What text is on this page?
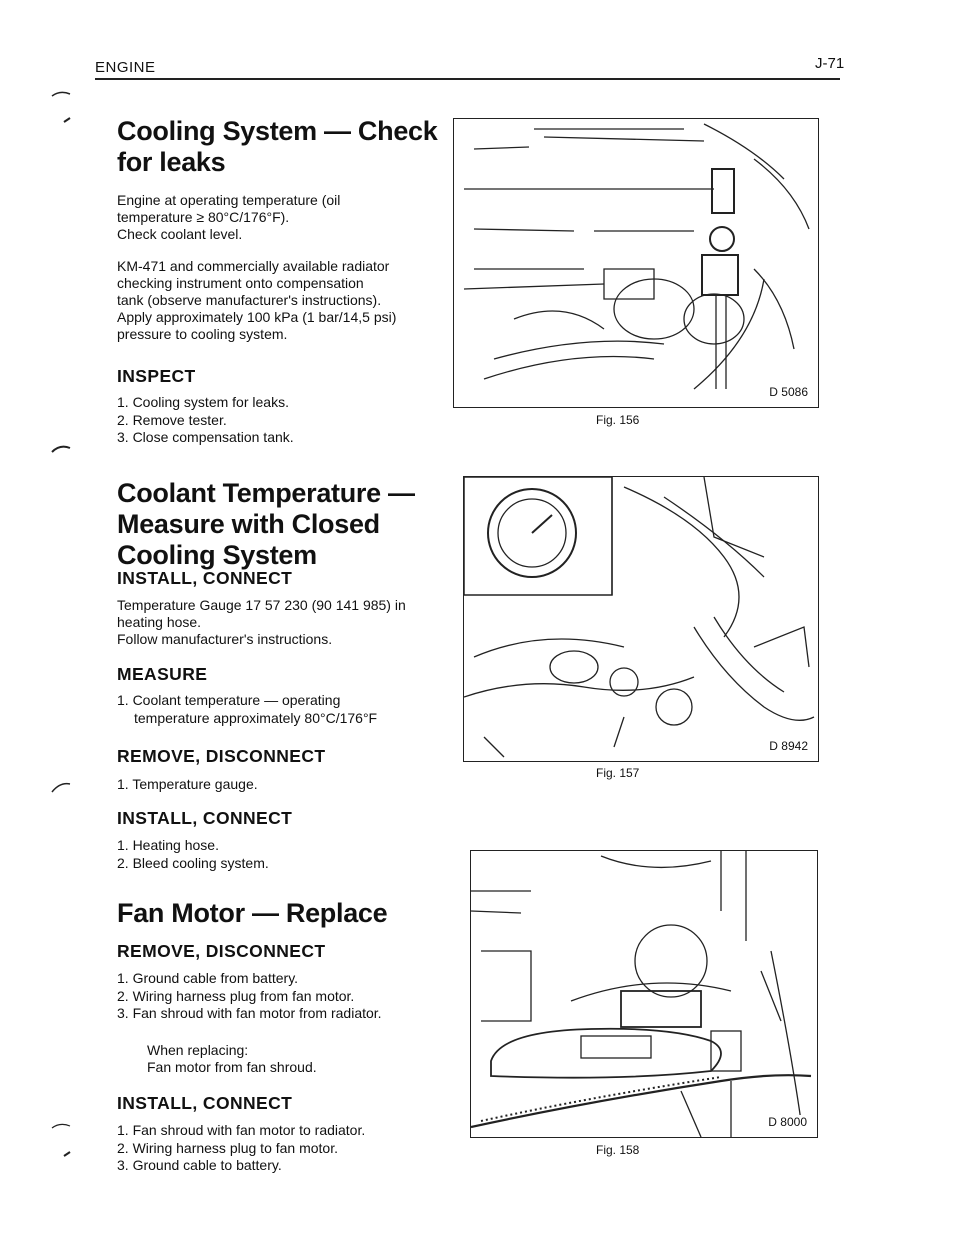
ENGINE	J-71
Cooling System — Check
for leaks
Engine at operating temperature (oil
temperature ≥ 80°C/176°F).
Check coolant level.
KM-471 and commercially available radiator
checking instrument onto compensation
tank (observe manufacturer's instructions).
Apply approximately 100 kPa (1 bar/14,5 psi)
pressure to cooling system.
INSPECT
1. Cooling system for leaks.
2. Remove tester.
3. Close compensation tank.
Coolant Temperature —
Measure with Closed
Cooling System
INSTALL, CONNECT
Temperature Gauge 17 57 230 (90 141 985) in
heating hose.
Follow manufacturer's instructions.
MEASURE
1. Coolant temperature — operating
temperature approximately 80°C/176°F
REMOVE, DISCONNECT
1. Temperature gauge.
INSTALL, CONNECT
1. Heating hose.
2. Bleed cooling system.
Fan Motor — Replace
REMOVE, DISCONNECT
1. Ground cable from battery.
2. Wiring harness plug from fan motor.
3. Fan shroud with fan motor from radiator.
When replacing:
Fan motor from fan shroud.
INSTALL, CONNECT
1. Fan shroud with fan motor to radiator.
2. Wiring harness plug to fan motor.
3. Ground cable to battery.
D 5086
Fig. 156
D 8942
Fig. 157
D 8000
Fig. 158
